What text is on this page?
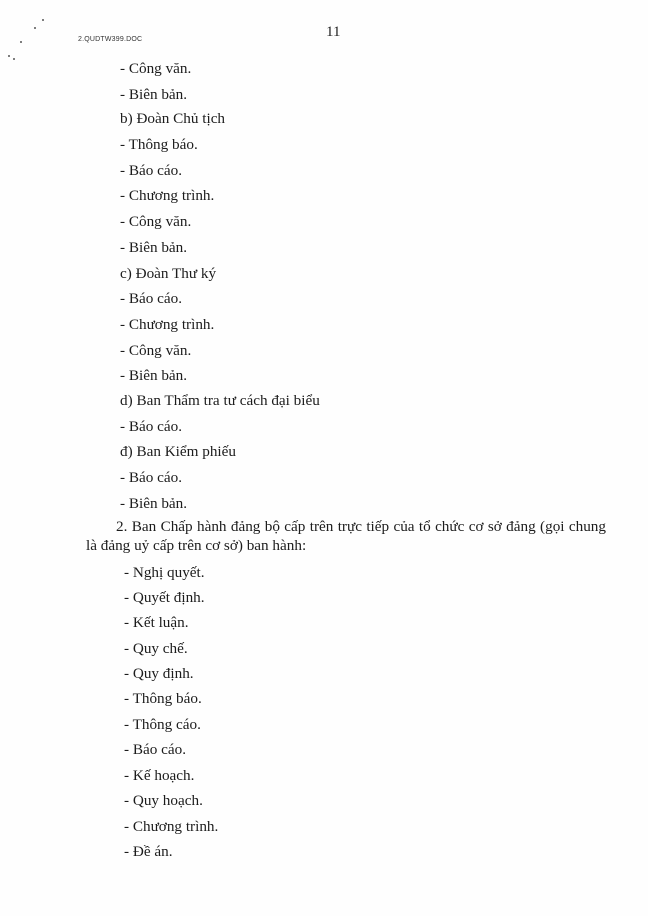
2.QUDTW399.DOC	11
- Công văn.
- Biên bản.
b) Đoàn Chủ tịch
- Thông báo.
- Báo cáo.
- Chương trình.
- Công văn.
- Biên bản.
c) Đoàn Thư ký
- Báo cáo.
- Chương trình.
- Công văn.
- Biên bản.
d) Ban Thẩm tra tư cách đại biểu
- Báo cáo.
đ) Ban Kiểm phiếu
- Báo cáo.
- Biên bản.
2. Ban Chấp hành đảng bộ cấp trên trực tiếp của tổ chức cơ sở đảng (gọi chung là đảng uỷ cấp trên cơ sở) ban hành:
- Nghị quyết.
- Quyết định.
- Kết luận.
- Quy chế.
- Quy định.
- Thông báo.
- Thông cáo.
- Báo cáo.
- Kế hoạch.
- Quy hoạch.
- Chương trình.
- Đề án.
